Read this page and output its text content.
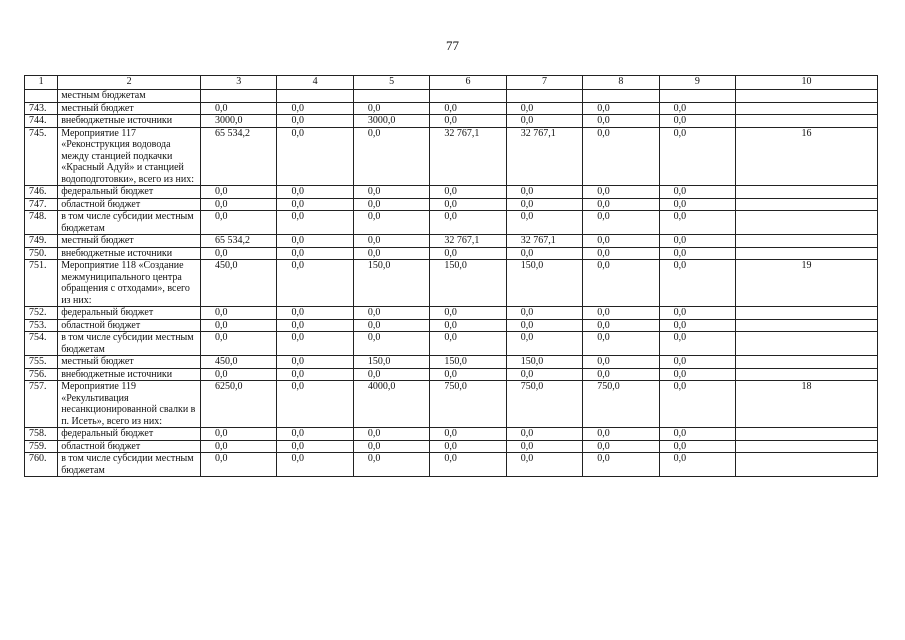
77
1	2	3	4	5	6	7	8	9	10
	местным бюджетам								
743.	местный бюджет	0,0	0,0	0,0	0,0	0,0	0,0	0,0	
744.	внебюджетные источники	3000,0	0,0	3000,0	0,0	0,0	0,0	0,0	
745.	Мероприятие 117 «Реконструкция водовода между станцией подкачки «Красный Адуй» и станцией водоподготовки», всего из них:	65 534,2	0,0	0,0	32 767,1	32 767,1	0,0	0,0	16
746.	федеральный бюджет	0,0	0,0	0,0	0,0	0,0	0,0	0,0	
747.	областной бюджет	0,0	0,0	0,0	0,0	0,0	0,0	0,0	
748.	в том числе субсидии местным бюджетам	0,0	0,0	0,0	0,0	0,0	0,0	0,0	
749.	местный бюджет	65 534,2	0,0	0,0	32 767,1	32 767,1	0,0	0,0	
750.	внебюджетные источники	0,0	0,0	0,0	0,0	0,0	0,0	0,0	
751.	Мероприятие 118 «Создание межмуниципального центра обращения с отходами», всего из них:	450,0	0,0	150,0	150,0	150,0	0,0	0,0	19
752.	федеральный бюджет	0,0	0,0	0,0	0,0	0,0	0,0	0,0	
753.	областной бюджет	0,0	0,0	0,0	0,0	0,0	0,0	0,0	
754.	в том числе субсидии местным бюджетам	0,0	0,0	0,0	0,0	0,0	0,0	0,0	
755.	местный бюджет	450,0	0,0	150,0	150,0	150,0	0,0	0,0	
756.	внебюджетные источники	0,0	0,0	0,0	0,0	0,0	0,0	0,0	
757.	Мероприятие 119 «Рекультивация несанкционированной свалки в п. Исеть», всего из них:	6250,0	0,0	4000,0	750,0	750,0	750,0	0,0	18
758.	федеральный бюджет	0,0	0,0	0,0	0,0	0,0	0,0	0,0	
759.	областной бюджет	0,0	0,0	0,0	0,0	0,0	0,0	0,0	
760.	в том числе субсидии местным бюджетам	0,0	0,0	0,0	0,0	0,0	0,0	0,0	
